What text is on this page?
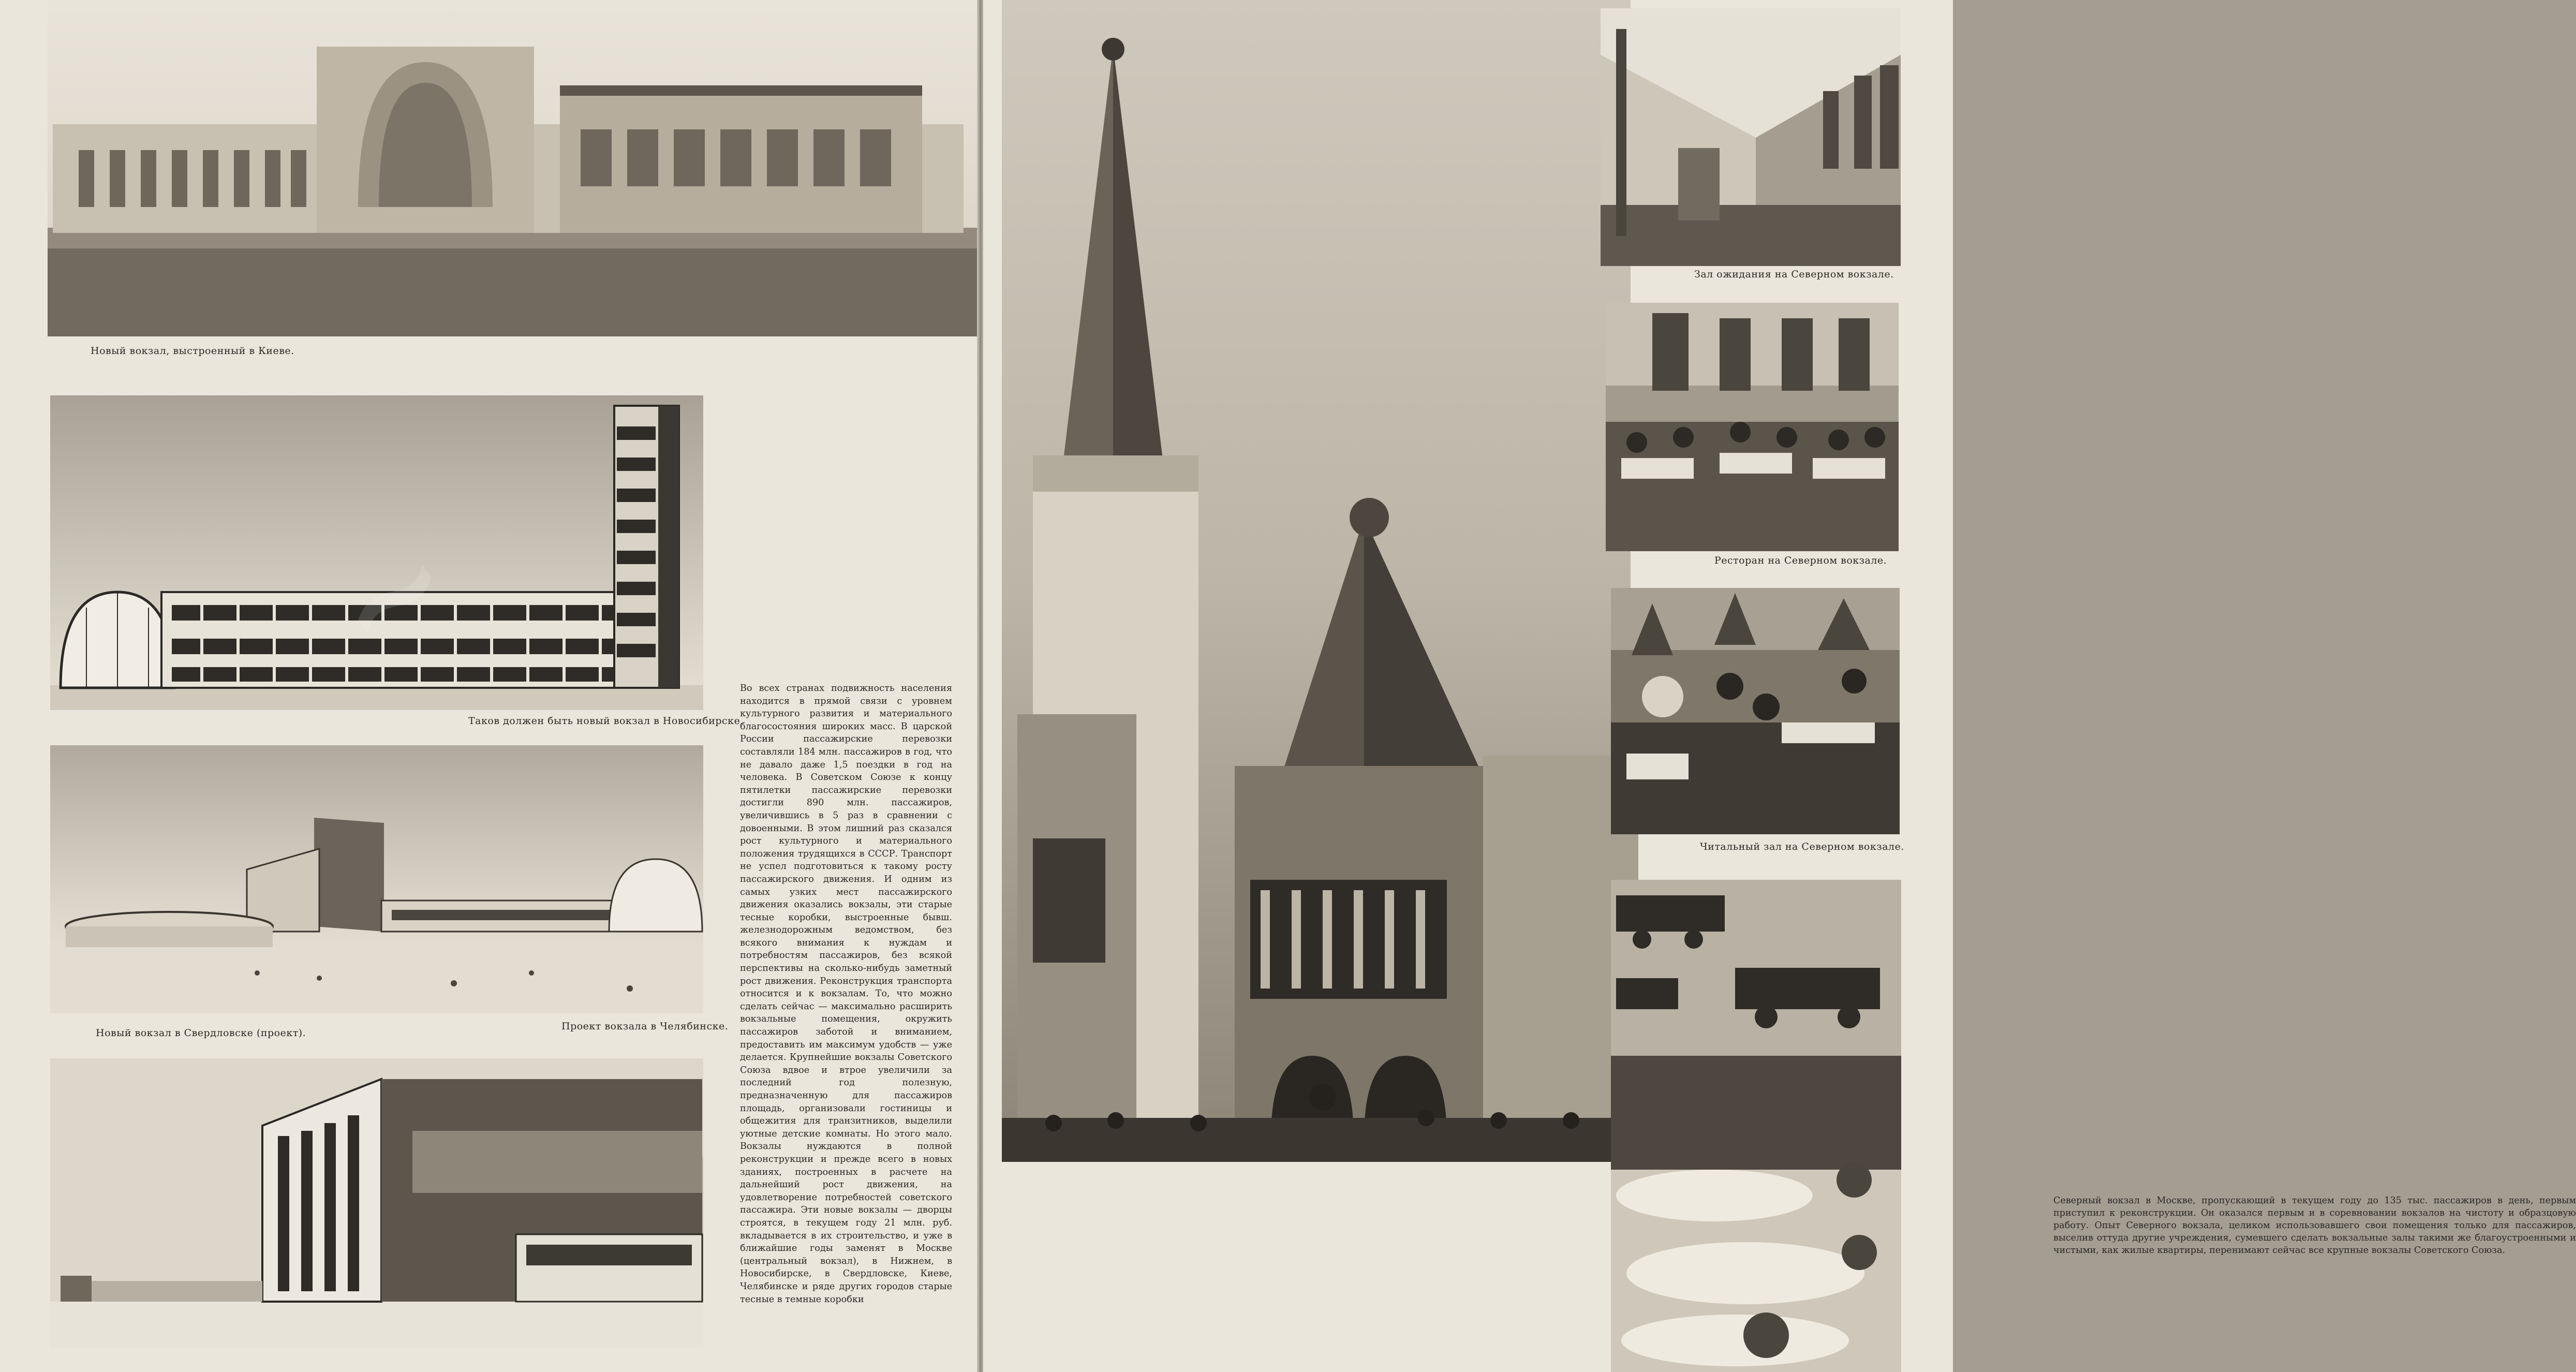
Новый вокзал, выстроенный в Киеве.
Таков должен быть новый вокзал в Новосибирске.
Новый вокзал в Свердловске (проект).
Проект вокзала в Челябинске.
Во всех странах подвижность населения находится в прямой связи с уровнем культурного развития и материального благосостояния широких масс. В царской России пассажирские перевозки составляли 184 млн. пассажиров в год, что не давало даже 1,5 поездки в год на человека. В Советском Союзе к концу пятилетки пассажирские перевозки достигли 890 млн. пассажиров, увеличившись в 5 раз в сравнении с довоенными. В этом лишний раз сказался рост культурного и материального положения трудящихся в СССР. Транспорт не успел подготовиться к такому росту пассажирского движения. И одним из самых узких мест пассажирского движения оказались вокзалы, эти старые тесные коробки, выстроенные бывш. железнодорожным ведомством, без всякого внимания к нуждам и потребностям пассажиров, без всякой перспективы на сколько-нибудь заметный рост движения. Реконструкция транспорта относится и к вокзалам. То, что можно сделать сейчас — максимально расширить вокзальные помещения, окружить пассажиров заботой и вниманием, предоставить им максимум удобств — уже делается. Крупнейшие вокзалы Советского Союза вдвое и втрое увеличили за последний год полезную, предназначенную для пассажиров площадь, организовали гостиницы и общежития для транзитников, выделили уютные детские комнаты. Но этого мало. Вокзалы нуждаются в полной реконструкции и прежде всего в новых зданиях, построенных в расчете на дальнейший рост движения, на удовлетворение потребностей советского пассажира. Эти новые вокзалы — дворцы строятся, в текущем году 21 млн. руб. вкладывается в их строительство, и уже в ближайшие годы заменят в Москве (центральный вокзал), в Нижнем, в Новосибирске, в Свердловске, Киеве, Челябинске и ряде других городов старые тесные в темные коробки
Северный вокзал в Москве, пропускающий в текущем году до 135 тыс. пассажиров в день, первым приступил к реконструкции. Он оказался первым и в соревновании вокзалов на чистоту и образцовую работу. Опыт Северного вокзала, целиком использовавшего свои помещения только для пассажиров, выселив оттуда другие учреждения, сумевшего сделать вокзальные залы такими же благоустроенными и чистыми, как жилые квартиры, перенимают сейчас все крупные вокзалы Советского Союза.
Зал ожидания на Северном вокзале.
Ресторан на Северном вокзале.
Читальный зал на Северном вокзале.
